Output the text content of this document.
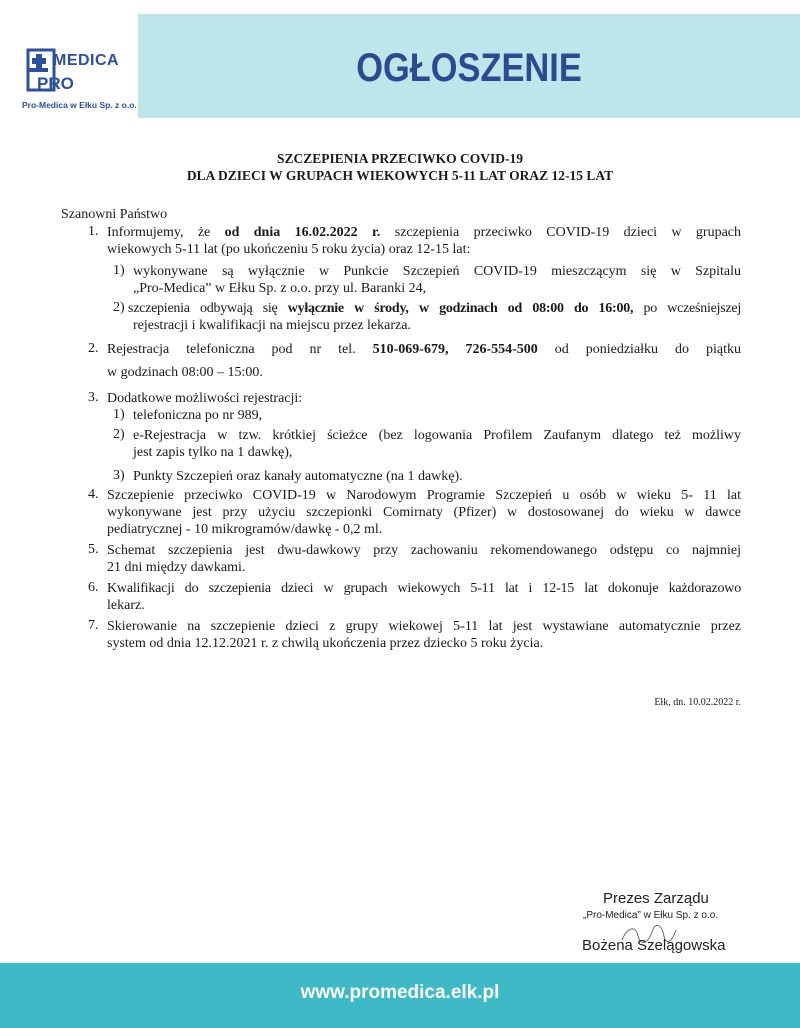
MEDICA
PRO
Pro-Medica w Ełku Sp. z o.o.
OGŁOSZENIE
SZCZEPIENIA PRZECIWKO COVID-19
DLA DZIECI W GRUPACH WIEKOWYCH 5-11 LAT ORAZ 12-15 LAT
Szanowni Państwo
1. Informujemy, że od dnia 16.02.2022 r. szczepienia przeciwko COVID-19 dzieci w grupach
wiekowych 5-11 lat (po ukończeniu 5 roku życia) oraz 12-15 lat:
1) wykonywane są wyłącznie w Punkcie Szczepień COVID-19 mieszczącym się w Szpitalu
„Pro-Medica” w Ełku Sp. z o.o. przy ul. Baranki 24,
2) szczepienia odbywają się wyłącznie w środy, w godzinach od 08:00 do 16:00, po wcześniejszej
rejestracji i kwalifikacji na miejscu przez lekarza.
2. Rejestracja telefoniczna pod nr tel. 510-069-679, 726-554-500 od poniedziałku do piątku
w godzinach 08:00 – 15:00.
3. Dodatkowe możliwości rejestracji:
1) telefoniczna po nr 989,
2) e-Rejestracja w tzw. krótkiej ścieżce (bez logowania Profilem Zaufanym dlatego też możliwy
jest zapis tylko na 1 dawkę),
3) Punkty Szczepień oraz kanały automatyczne (na 1 dawkę).
4. Szczepienie przeciwko COVID-19 w Narodowym Programie Szczepień u osób w wieku 5- 11 lat
wykonywane jest przy użyciu szczepionki Comirnaty (Pfizer) w dostosowanej do wieku w dawce
pediatrycznej - 10 mikrogramów/dawkę - 0,2 ml.
5. Schemat szczepienia jest dwu-dawkowy przy zachowaniu rekomendowanego odstępu co najmniej
21 dni między dawkami.
6. Kwalifikacji do szczepienia dzieci w grupach wiekowych 5-11 lat i 12-15 lat dokonuje każdorazowo
lekarz.
7. Skierowanie na szczepienie dzieci z grupy wiekowej 5-11 lat jest wystawiane automatycznie przez
system od dnia 12.12.2021 r. z chwilą ukończenia przez dziecko 5 roku życia.
Ełk, dn. 10.02.2022 r.
Prezes Zarządu
„Pro-Medica” w Ełku Sp. z o.o.
Bożena Szelągowska
www.promedica.elk.pl
